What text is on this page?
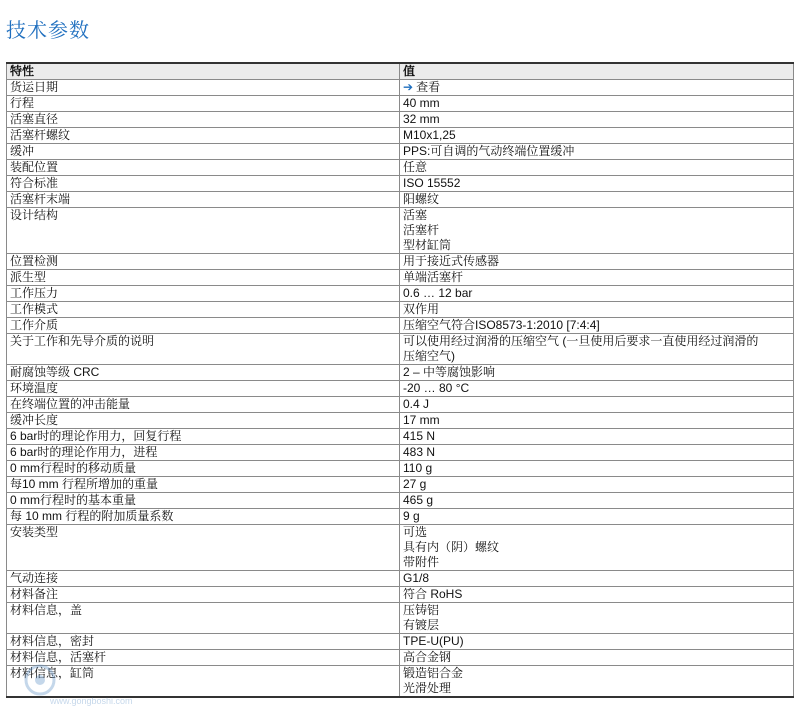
技术参数
特性	值
货运日期	➔ 查看
行程	40 mm

活塞直径	32 mm

活塞杆螺纹	M10x1,25

缓冲	PPS:可自调的气动终端位置缓冲

装配位置	任意

符合标准	ISO 15552

活塞杆末端	阳螺纹

设计结构	活塞
活塞杆
型材缸筒

位置检测	用于接近式传感器

派生型	单端活塞杆

工作压力	0.6 … 12 bar

工作模式	双作用

工作介质	压缩空气符合ISO8573-1:2010 [7:4:4]

关于工作和先导介质的说明	可以使用经过润滑的压缩空气 (一旦使用后要求一直使用经过润滑的
压缩空气)

耐腐蚀等级 CRC	2 – 中等腐蚀影响

环境温度	-20 … 80 °C

在终端位置的冲击能量	0.4 J

缓冲长度	17 mm

6 bar时的理论作用力，回复行程	415 N

6 bar时的理论作用力，进程	483 N

0 mm行程时的移动质量	110 g

每10 mm 行程所增加的重量	27 g

0 mm行程时的基本重量	465 g

每 10 mm 行程的附加质量系数	9 g

安装类型	可选
具有内（阴）螺纹
带附件

气动连接	G1/8

材料备注	符合 RoHS

材料信息，盖	压铸铝
有镀层

材料信息，密封	TPE-U(PU)

材料信息，活塞杆	高合金钢

材料信息，缸筒	锻造铝合金
光滑处理
www.gongboshi.com
